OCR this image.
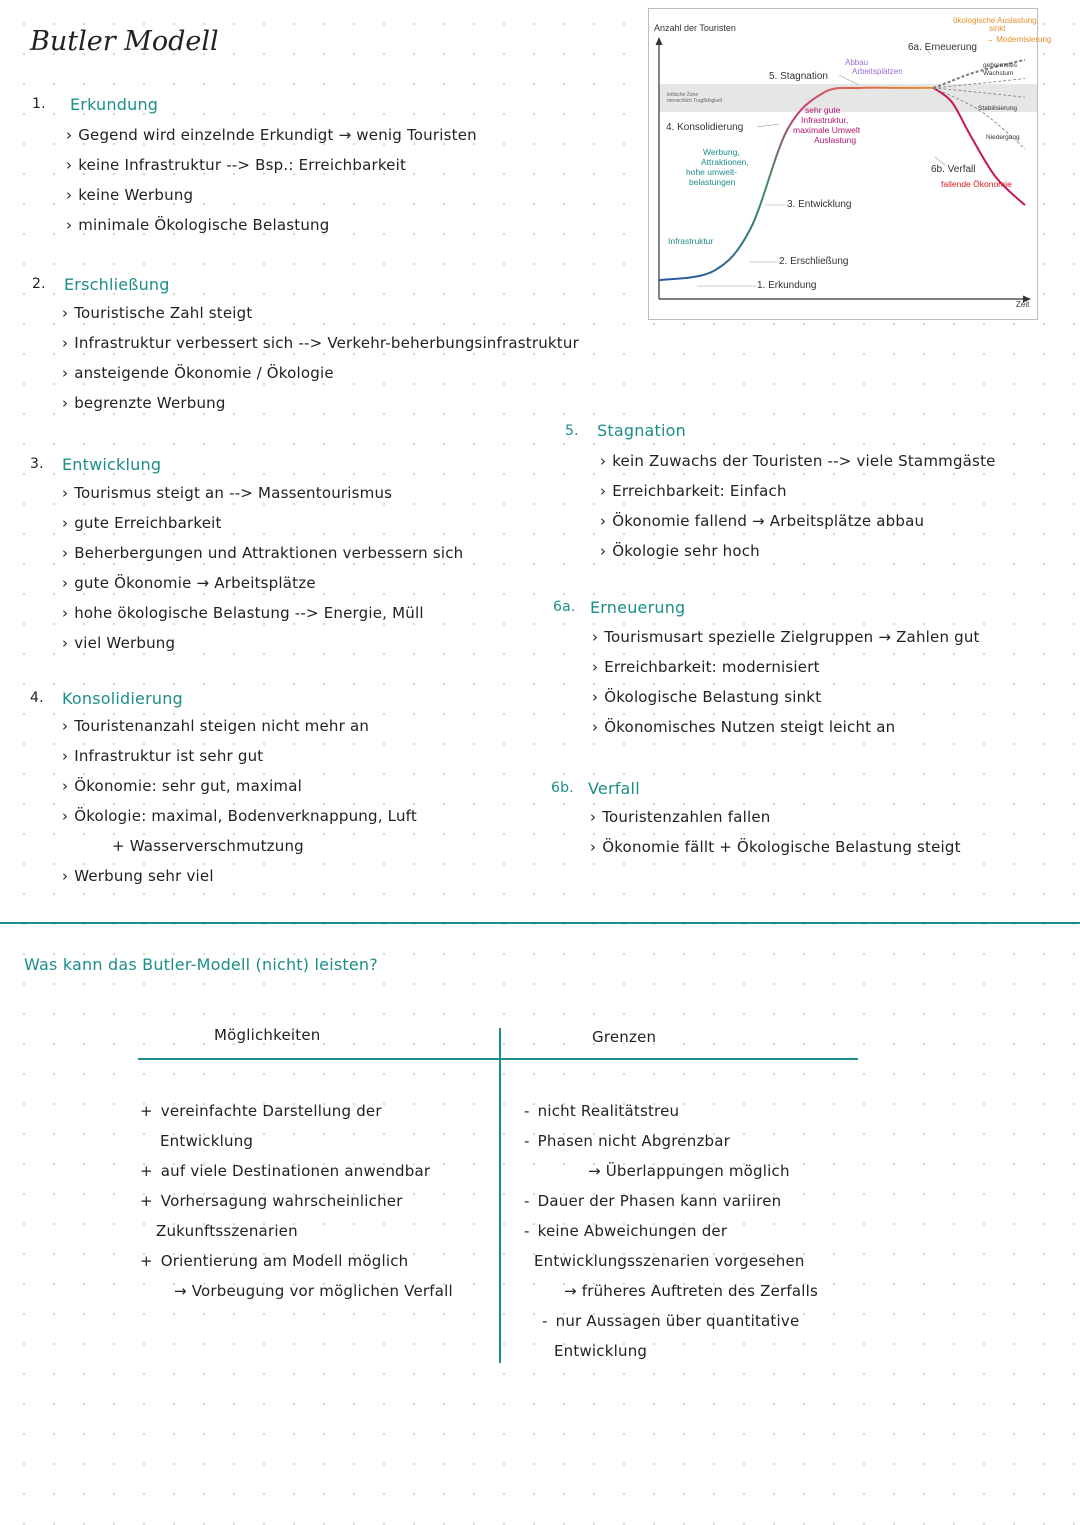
Butler Modell
1. Erkundung
› Gegend wird einzelnde Erkundigt → wenig Touristen
› keine Infrastruktur --> Bsp.: Erreichbarkeit
› keine Werbung
› minimale Ökologische Belastung
2. Erschließung
› Touristische Zahl steigt
› Infrastruktur verbessert sich --> Verkehr-beherbungsinfrastruktur
› ansteigende Ökonomie / Ökologie
› begrenzte Werbung
3. Entwicklung
› Tourismus steigt an --> Massentourismus
› gute Erreichbarkeit
› Beherbergungen und Attraktionen verbessern sich
› gute Ökonomie → Arbeitsplätze
› hohe ökologische Belastung --> Energie, Müll
› viel Werbung
4. Konsolidierung
› Touristenanzahl steigen nicht mehr an
› Infrastruktur ist sehr gut
› Ökonomie: sehr gut, maximal
› Ökologie: maximal, Bodenverknappung, Luft
+ Wasserverschmutzung
› Werbung sehr viel
5. Stagnation
› kein Zuwachs der Touristen --> viele Stammgäste
› Erreichbarkeit: Einfach
› Ökonomie fallend → Arbeitsplätze abbau
› Ökologie sehr hoch
6a. Erneuerung
› Tourismusart spezielle Zielgruppen → Zahlen gut
› Erreichbarkeit: modernisiert
› Ökologische Belastung sinkt
› Ökonomisches Nutzen steigt leicht an
6b. Verfall
› Touristenzahlen fallen
› Ökonomie fällt + Ökologische Belastung steigt
Was kann das Butler-Modell (nicht) leisten?
Möglichkeiten	Grenzen
+ vereinfachte Darstellung der
Entwicklung
+ auf viele Destinationen anwendbar
+ Vorhersagung wahrscheinlicher
Zukunftsszenarien
+ Orientierung am Modell möglich
→ Vorbeugung vor möglichen Verfall
- nicht Realitätstreu
- Phasen nicht Abgrenzbar
→ Überlappungen möglich
- Dauer der Phasen kann variiren
- keine Abweichungen der
Entwicklungsszenarien vorgesehen
→ früheres Auftreten des Zerfalls
- nur Aussagen über quantitative
Entwicklung
kritische Zone
menschlich Tragfähigkeit
Anzahl der Touristen
Zeit
1. Erkundung
2. Erschließung
3. Entwicklung
4. Konsolidierung
5. Stagnation
6a. Erneuerung
6b. Verfall
gebremstes
Wachstum
Stabilisierung
Niedergang
Werbung,
Attraktionen,
hohe umwelt-
belastungen
Infrastruktur
sehr gute
Infrastruktur,
maximale Umwelt
Auslastung
Abbau
Arbeitsplätzen
ökologische Auslastung
sinkt
→ Modernisierung
fallende Ökonomie
